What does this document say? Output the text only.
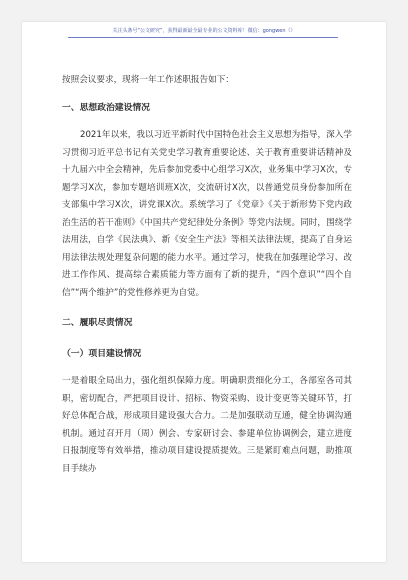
关注头条号“公文研究”，获得最新最全最专业的公文资料库！微信：gongwen（）

按照会议要求，现将一年工作述职报告如下：

一、思想政治建设情况

2021年以来，我以习近平新时代中国特色社会主义思想为指导，深入学习贯彻习近平总书记有关党史学习教育重要论述、关于教育重要讲话精神及十九届六中全会精神，先后参加党委中心组学习X次，业务集中学习X次，专题学习X次，参加专题培训班X次，交流研讨X次，以普通党员身份参加所在支部集中学习X次，讲党课X次。系统学习了《党章》《关于新形势下党内政治生活的若干准则》《中国共产党纪律处分条例》等党内法规。同时，围绕学法用法，自学《民法典》、新《安全生产法》等相关法律法规，提高了自身运用法律法规处理复杂问题的能力水平。通过学习，使我在加强理论学习、改进工作作风、提高综合素质能力等方面有了新的提升，“四个意识”“四个自信”“两个维护”的党性修养更为自觉。

二、履职尽责情况

（一）项目建设情况

一是着眼全局出力，强化组织保障力度。明确职责细化分工，各部室各司其职，密切配合，严把项目设计、招标、物资采购、设计变更等关键环节，打好总体配合战，形成项目建设强大合力。二是加强联动互通，健全协调沟通机制。通过召开月（周）例会、专家研讨会、参建单位协调例会，建立进度日报制度等有效举措，推动项目建设提质提效。三是紧盯难点问题，助推项目手续办
